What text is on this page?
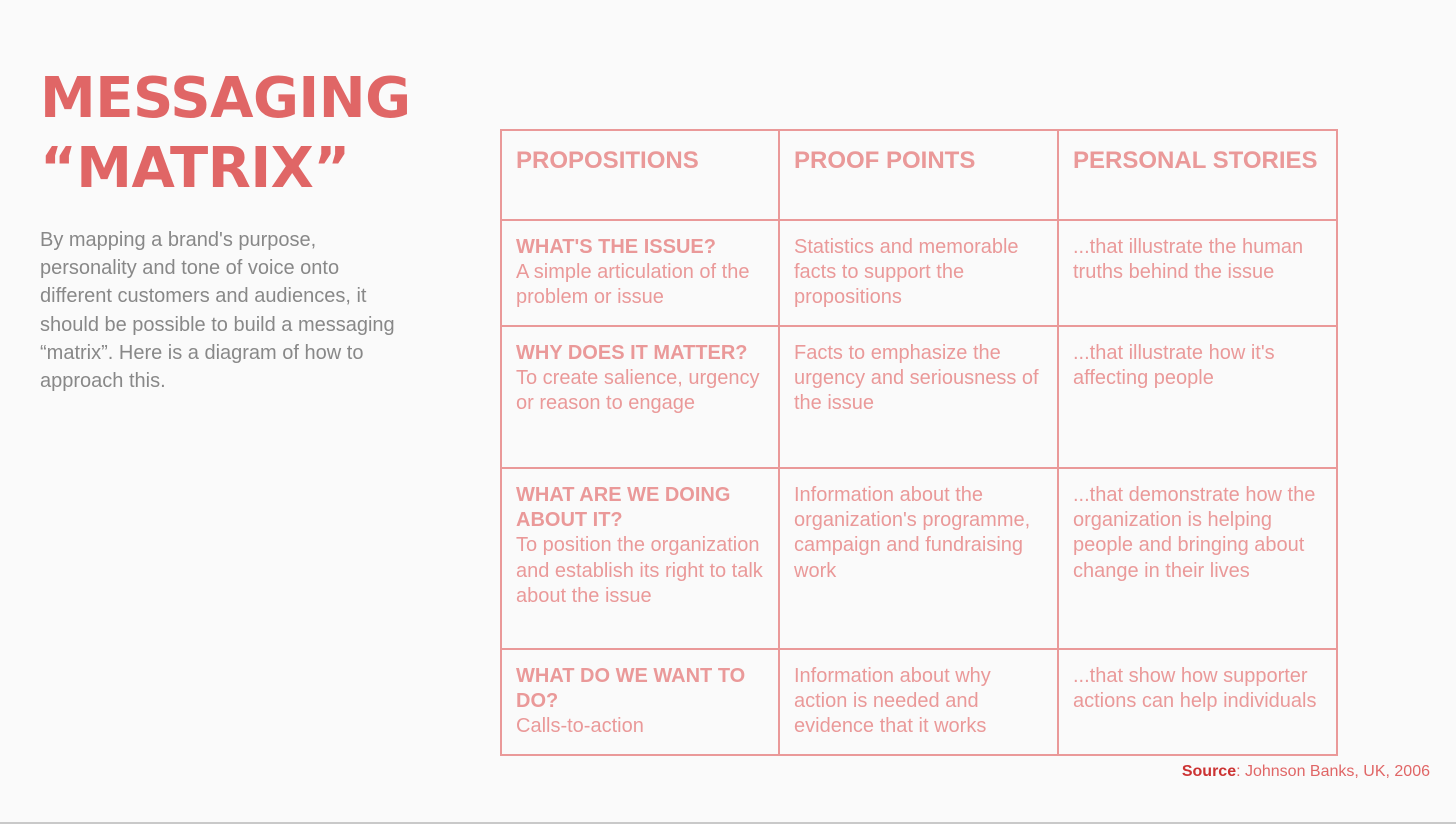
MESSAGING
“MATRIX”

By mapping a brand's purpose, personality and tone of voice onto different customers and audiences, it should be possible to build a messaging “matrix”. Here is a diagram of how to approach this.

PROPOSITIONS	PROOF POINTS	PERSONAL STORIES

WHAT'S THE ISSUE?
A simple articulation of the problem or issue	Statistics and memorable facts to support the propositions	...that illustrate the human truths behind the issue

WHY DOES IT MATTER?
To create salience, urgency or reason to engage	Facts to emphasize the urgency and seriousness of the issue	...that illustrate how it's affecting people

WHAT ARE WE DOING ABOUT IT?
To position the organization and establish its right to talk about the issue	Information about the organization's programme, campaign and fundraising work	...that demonstrate how the organization is helping people and bringing about change in their lives

WHAT DO WE WANT TO DO?
Calls-to-action	Information about why action is needed and evidence that it works	...that show how supporter actions can help individuals
Source: Johnson Banks, UK, 2006
